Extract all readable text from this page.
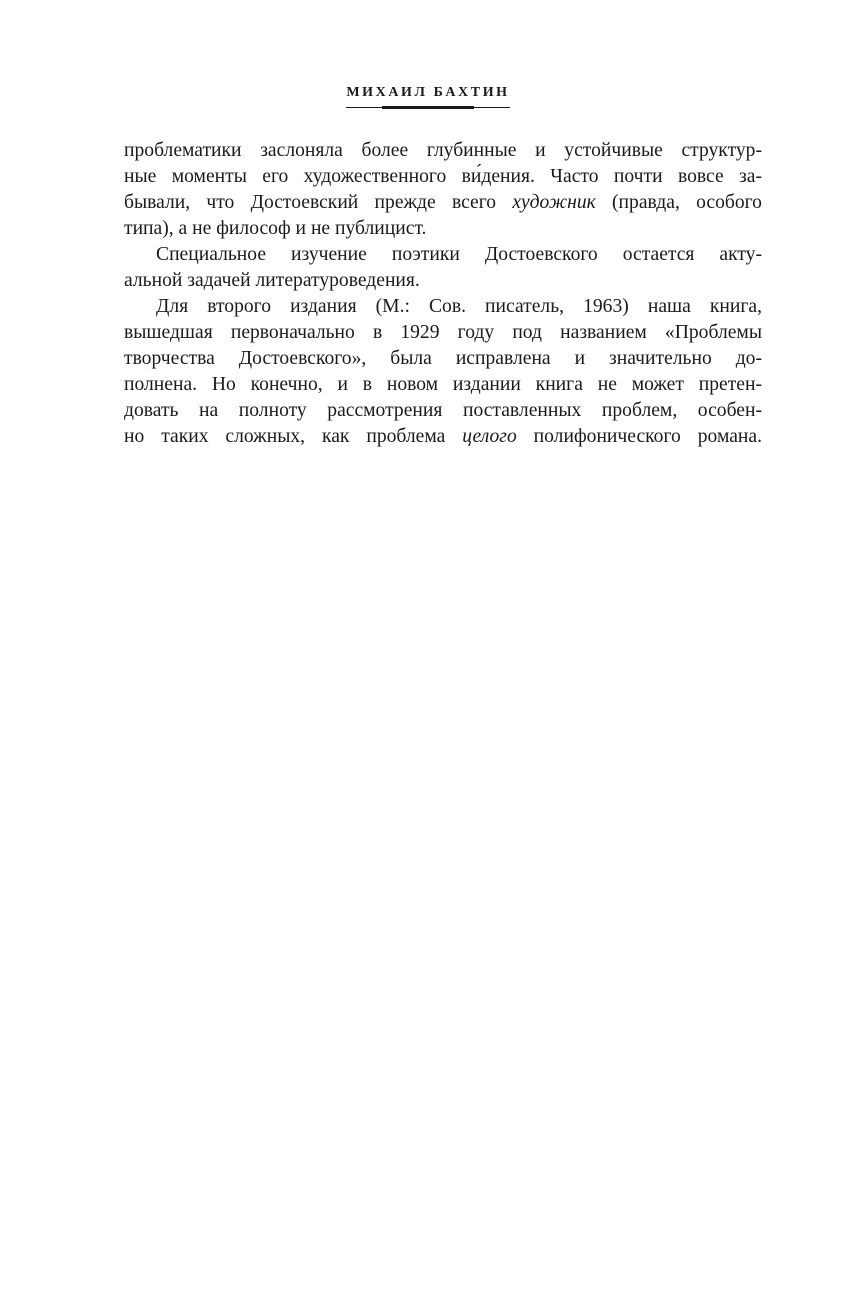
МИХАИЛ БАХТИН
проблематики заслоняла более глубинные и устойчивые структур-
ные моменты его художественного ви́дения. Часто почти вовсе за-
бывали, что Достоевский прежде всего художник (правда, особого
типа), а не философ и не публицист.
Специальное изучение поэтики Достоевского остается акту-
альной задачей литературоведения.
Для второго издания (М.: Сов. писатель, 1963) наша книга,
вышедшая первоначально в 1929 году под названием «Проблемы
творчества Достоевского», была исправлена и значительно до-
полнена. Но конечно, и в новом издании книга не может претен-
довать на полноту рассмотрения поставленных проблем, особен-
но таких сложных, как проблема целого полифонического романа.
